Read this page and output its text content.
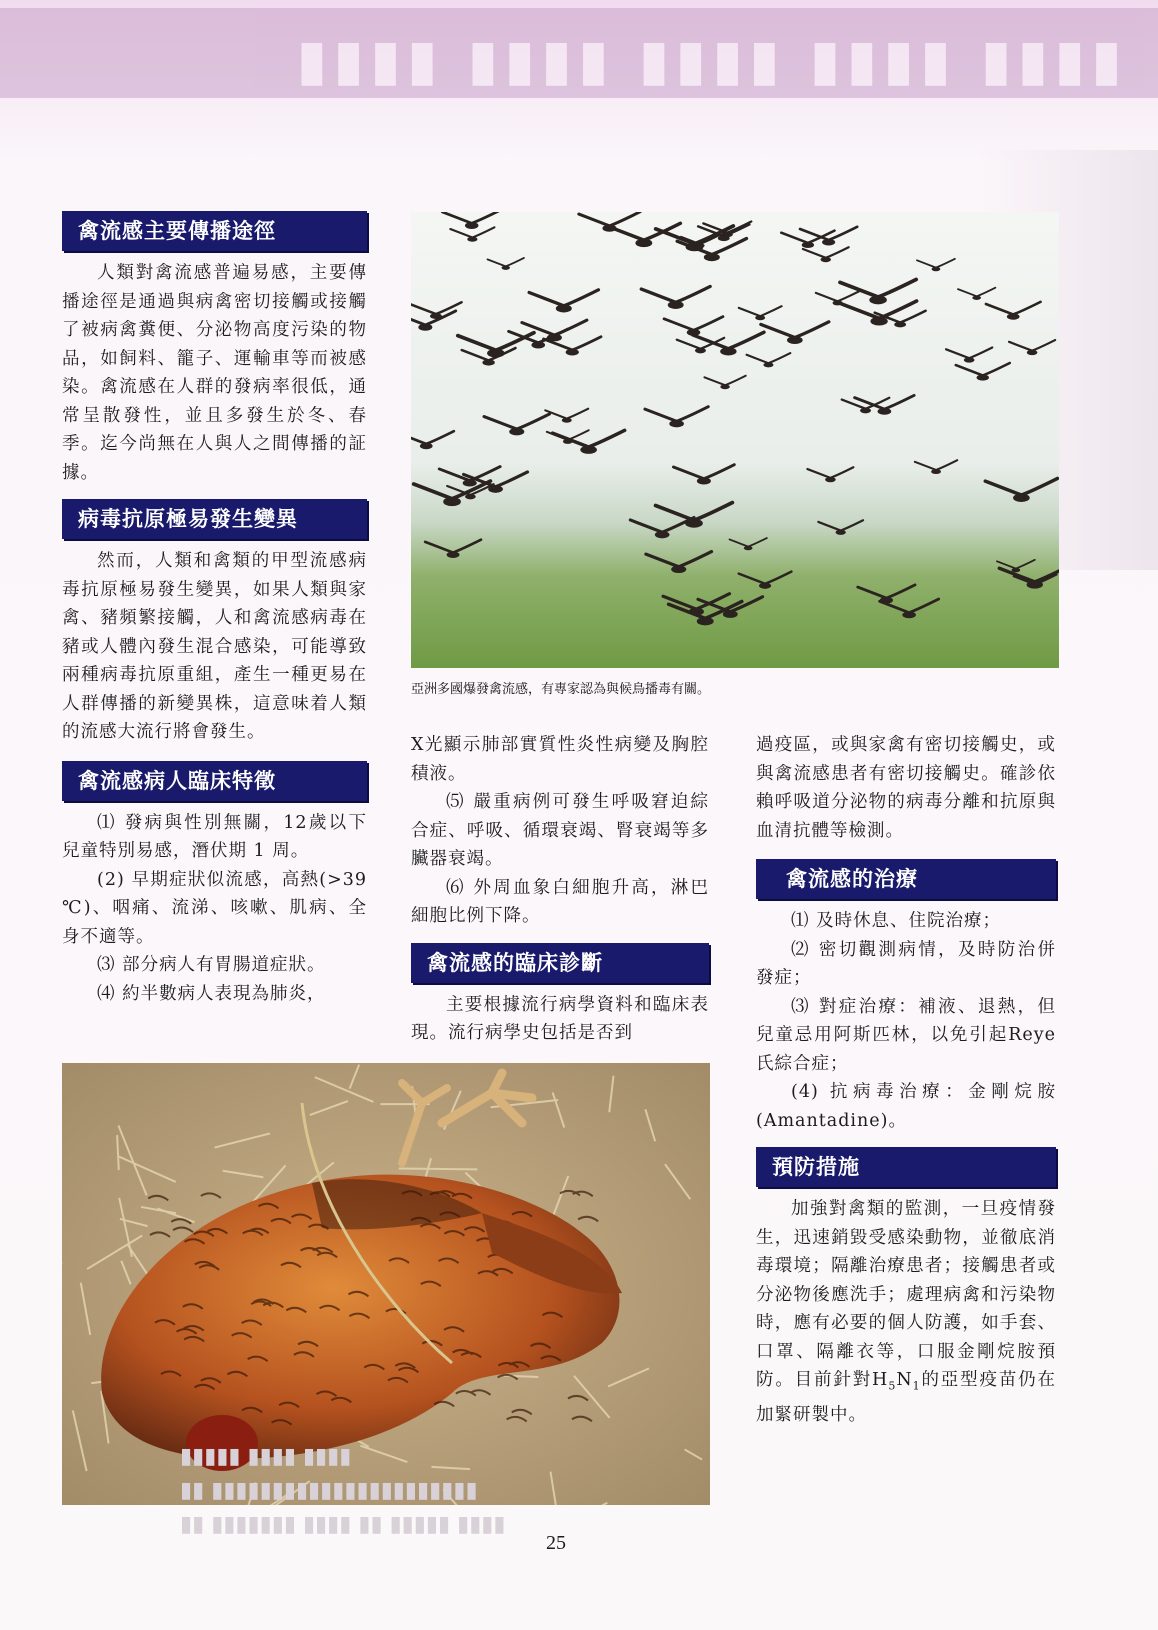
▮▮▮▮ ▮▮▮▮ ▮▮▮▮ ▮▮▮▮ ▮▮▮▮
禽流感主要傳播途徑

人類對禽流感普遍易感，主要傳播途徑是通過與病禽密切接觸或接觸了被病禽糞便、分泌物高度污染的物品，如飼料、籠子、運輸車等而被感染。禽流感在人群的發病率很低，通常呈散發性，並且多發生於冬、春季。迄今尚無在人與人之間傳播的証據。

病毒抗原極易發生變異

然而，人類和禽類的甲型流感病毒抗原極易發生變異，如果人類與家禽、豬頻繁接觸，人和禽流感病毒在豬或人體內發生混合感染，可能導致兩種病毒抗原重組，產生一種更易在人群傳播的新變異株，這意味着人類的流感大流行將會發生。

禽流感病人臨床特徵

⑴ 發病與性別無關，12歲以下兒童特別易感，潛伏期 1 周。

(2) 早期症狀似流感，高熱(>39 ℃)、咽痛、流涕、咳嗽、肌病、全身不適等。

⑶ 部分病人有胃腸道症狀。

⑷ 約半數病人表現為肺炎，

亞洲多國爆發禽流感，有專家認為與候鳥播毒有關。

X光顯示肺部實質性炎性病變及胸腔積液。

⑸ 嚴重病例可發生呼吸窘迫綜合症、呼吸、循環衰竭、腎衰竭等多臟器衰竭。

⑹ 外周血象白細胞升高，淋巴細胞比例下降。

禽流感的臨床診斷

主要根據流行病學資料和臨床表現。流行病學史包括是否到

過疫區，或與家禽有密切接觸史，或與禽流感患者有密切接觸史。確診依賴呼吸道分泌物的病毒分離和抗原與血清抗體等檢測。

禽流感的治療

⑴ 及時休息、住院治療；

⑵ 密切觀測病情，及時防治併發症；

⑶ 對症治療：補液、退熱，但兒童忌用阿斯匹林，以免引起Reye氏綜合症；

(4) 抗病毒治療：金剛烷胺(Amantadine)。

預防措施

加強對禽類的監測，一旦疫情發生，迅速銷毀受感染動物，並徹底消毒環境；隔離治療患者；接觸患者或分泌物後應洗手；處理病禽和污染物時，應有必要的個人防護，如手套、口罩、隔離衣等，口服金剛烷胺預防。目前針對$H_5N_1$的亞型疫苗仍在加緊研製中。

▮▮▮▮▮ ▮▮▮▮ ▮▮▮▮
▮▮ ▮▮▮▮▮▮▮▮▮▮▮▮▮▮▮▮▮▮▮▮▮▮
▮▮ ▮▮▮▮▮▮▮ ▮▮▮▮ ▮▮ ▮▮▮▮▮ ▮▮▮▮
25
